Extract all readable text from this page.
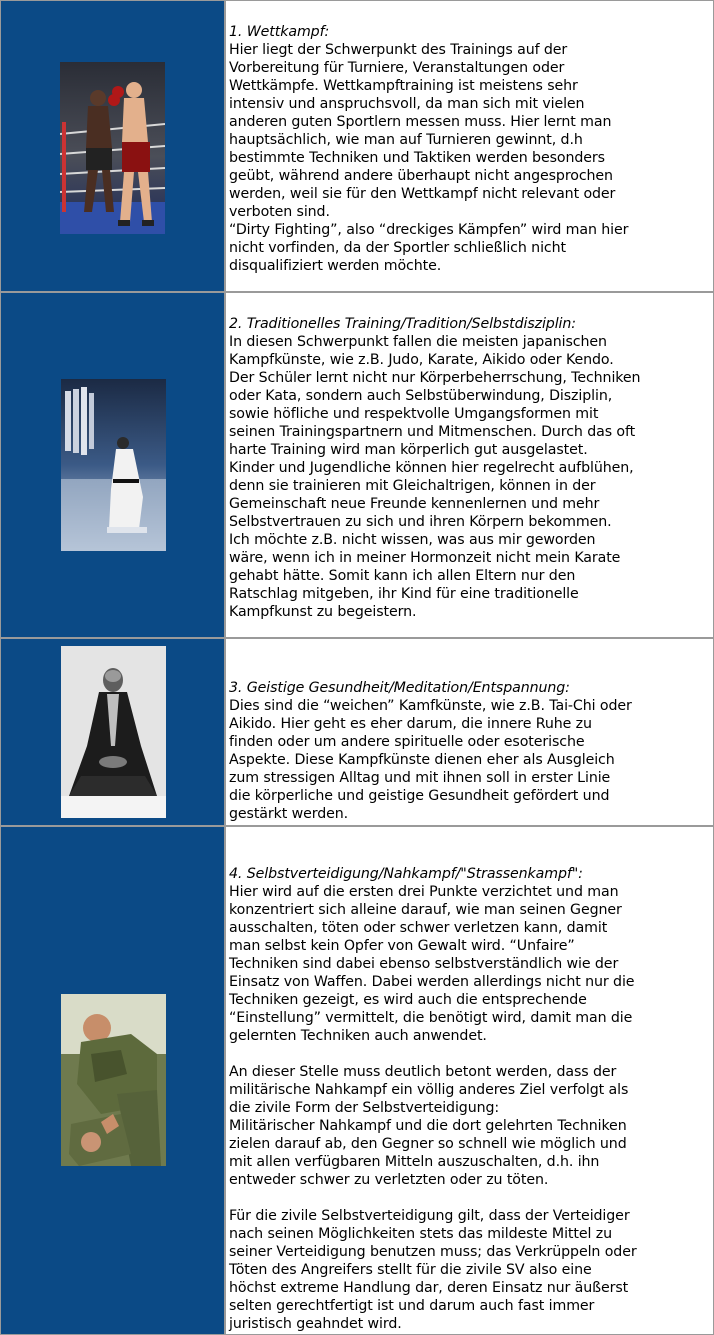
1. Wettkampf:
Hier liegt der Schwerpunkt des Trainings auf der
Vorbereitung für Turniere, Veranstaltungen oder
Wettkämpfe. Wettkampftraining ist meistens sehr
intensiv und anspruchsvoll, da man sich mit vielen
anderen guten Sportlern messen muss. Hier lernt man
hauptsächlich, wie man auf Turnieren gewinnt, d.h
bestimmte Techniken und Taktiken werden besonders
geübt, während andere überhaupt nicht angesprochen
werden, weil sie für den Wettkampf nicht relevant oder
verboten sind.
“Dirty Fighting”, also “dreckiges Kämpfen” wird man hier
nicht vorfinden, da der Sportler schließlich nicht
disqualifiziert werden möchte.

2. Traditionelles Training/Tradition/Selbstdisziplin:
In diesen Schwerpunkt fallen die meisten japanischen
Kampfkünste, wie z.B. Judo, Karate, Aikido oder Kendo.
Der Schüler lernt nicht nur Körperbeherrschung, Techniken
oder Kata, sondern auch Selbstüberwindung, Disziplin,
sowie höfliche und respektvolle Umgangsformen mit
seinen Trainingspartnern und Mitmenschen. Durch das oft
harte Training wird man körperlich gut ausgelastet.
Kinder und Jugendliche können hier regelrecht aufblühen,
denn sie trainieren mit Gleichaltrigen, können in der
Gemeinschaft neue Freunde kennenlernen und mehr
Selbstvertrauen zu sich und ihren Körpern bekommen.
Ich möchte z.B. nicht wissen, was aus mir geworden
wäre, wenn ich in meiner Hormonzeit nicht mein Karate
gehabt hätte. Somit kann ich allen Eltern nur den
Ratschlag mitgeben, ihr Kind für eine traditionelle
Kampfkunst zu begeistern.

3. Geistige Gesundheit/Meditation/Entspannung:
Dies sind die “weichen” Kamfkünste, wie z.B. Tai-Chi oder
Aikido. Hier geht es eher darum, die innere Ruhe zu
finden oder um andere spirituelle oder esoterische
Aspekte. Diese Kampfkünste dienen eher als Ausgleich
zum stressigen Alltag und mit ihnen soll in erster Linie
die körperliche und geistige Gesundheit gefördert und
gestärkt werden.

4. Selbstverteidigung/Nahkampf/"Strassenkampf":
Hier wird auf die ersten drei Punkte verzichtet und man
konzentriert sich alleine darauf, wie man seinen Gegner
ausschalten, töten oder schwer verletzen kann, damit
man selbst kein Opfer von Gewalt wird. “Unfaire”
Techniken sind dabei ebenso selbstverständlich wie der
Einsatz von Waffen. Dabei werden allerdings nicht nur die
Techniken gezeigt, es wird auch die entsprechende
“Einstellung” vermittelt, die benötigt wird, damit man die
gelernten Techniken auch anwendet.

An dieser Stelle muss deutlich betont werden, dass der
militärische Nahkampf ein völlig anderes Ziel verfolgt als
die zivile Form der Selbstverteidigung:
Militärischer Nahkampf und die dort gelehrten Techniken
zielen darauf ab, den Gegner so schnell wie möglich und
mit allen verfügbaren Mitteln auszuschalten, d.h. ihn
entweder schwer zu verletzten oder zu töten.

Für die zivile Selbstverteidigung gilt, dass der Verteidiger
nach seinen Möglichkeiten stets das mildeste Mittel zu
seiner Verteidigung benutzen muss; das Verkrüppeln oder
Töten des Angreifers stellt für die zivile SV also eine
höchst extreme Handlung dar, deren Einsatz nur äußerst
selten gerechtfertigt ist und darum auch fast immer
juristisch geahndet wird.
